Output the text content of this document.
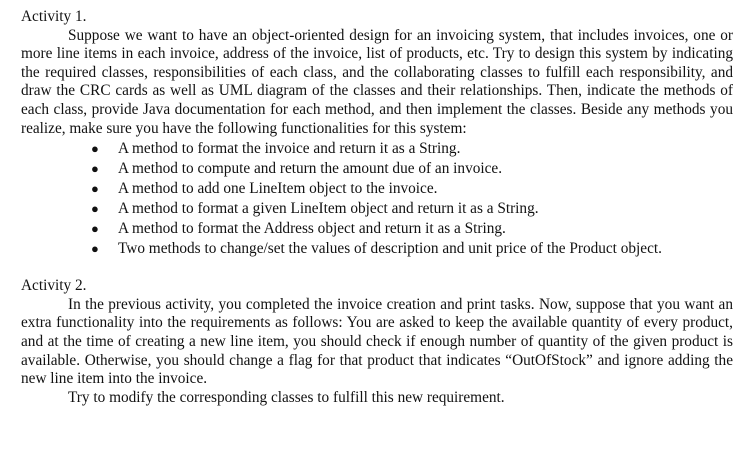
Activity 1.

Suppose we want to have an object-oriented design for an invoicing system, that includes invoices, one or more line items in each invoice, address of the invoice, list of products, etc. Try to design this system by indicating the required classes, responsibilities of each class, and the collaborating classes to fulfill each responsibility, and draw the CRC cards as well as UML diagram of the classes and their relationships. Then, indicate the methods of each class, provide Java documentation for each method, and then implement the classes. Beside any methods you realize, make sure you have the following functionalities for this system:

● A method to format the invoice and return it as a String.
● A method to compute and return the amount due of an invoice.
● A method to add one LineItem object to the invoice.
● A method to format a given LineItem object and return it as a String.
● A method to format the Address object and return it as a String.
● Two methods to change/set the values of description and unit price of the Product object.
Activity 2.

In the previous activity, you completed the invoice creation and print tasks. Now, suppose that you want an extra functionality into the requirements as follows: You are asked to keep the available quantity of every product, and at the time of creating a new line item, you should check if enough number of quantity of the given product is available. Otherwise, you should change a flag for that product that indicates “OutOfStock” and ignore adding the new line item into the invoice.

Try to modify the corresponding classes to fulfill this new requirement.
